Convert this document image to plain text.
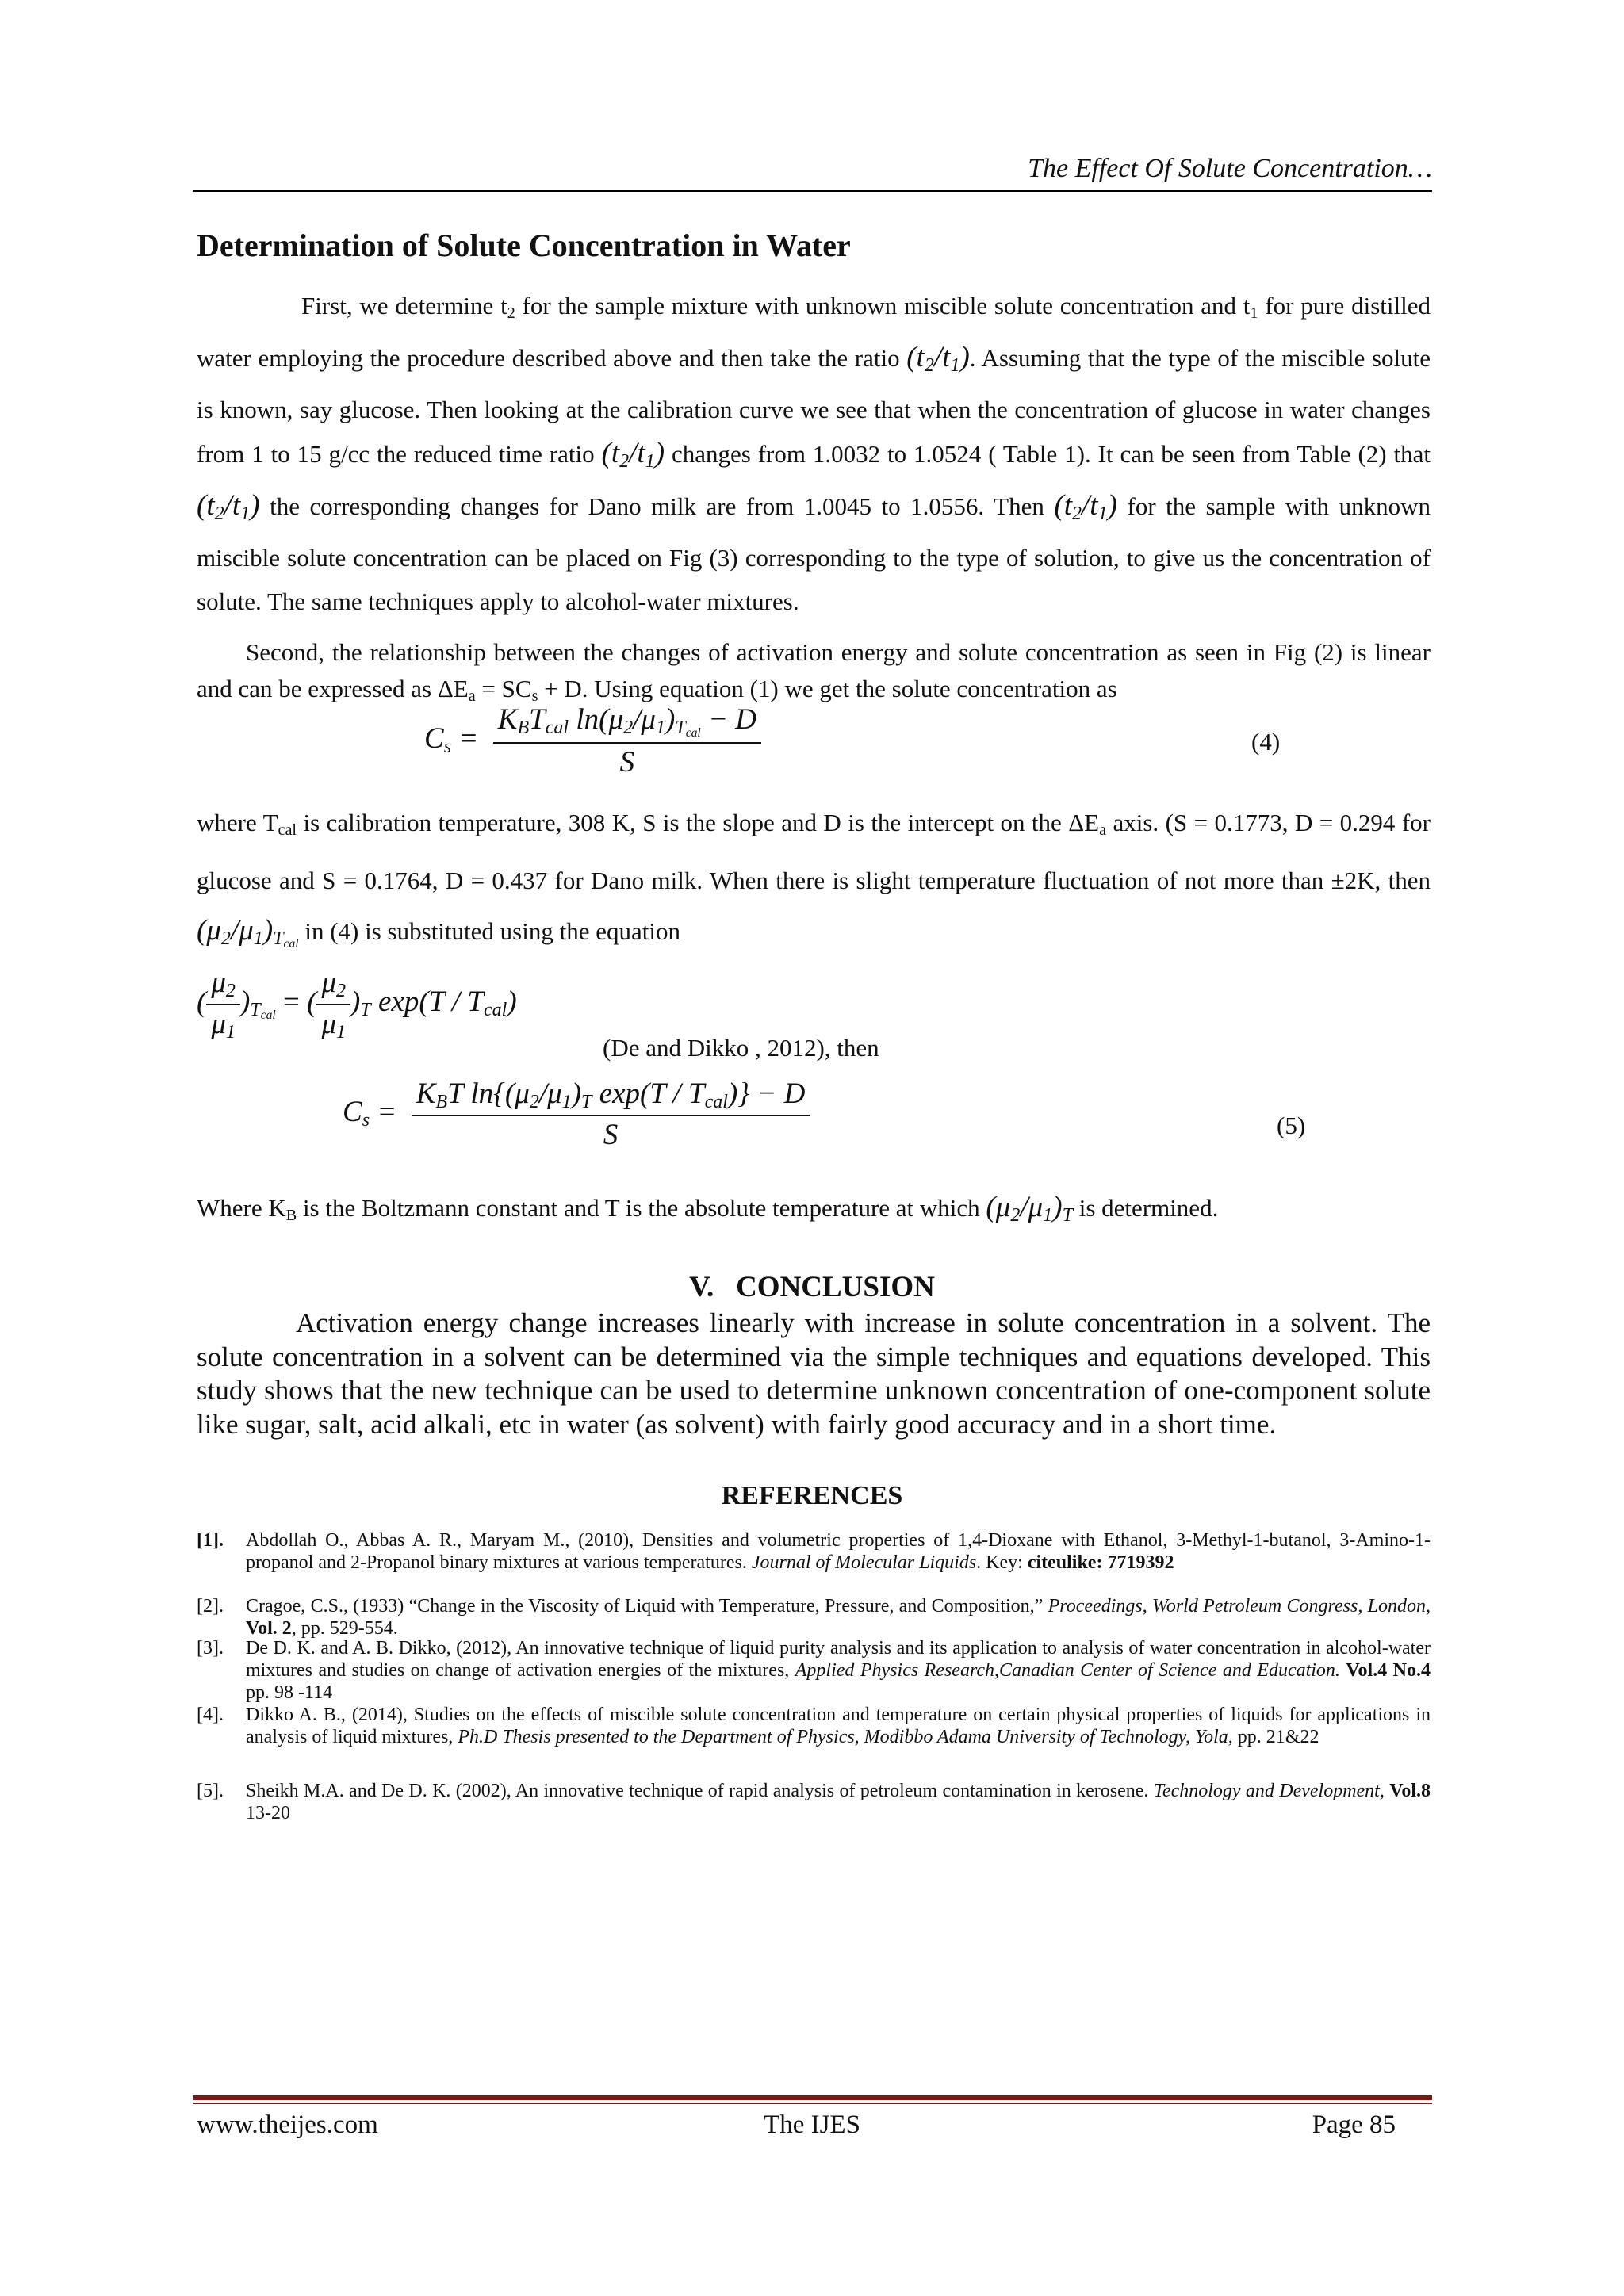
The Effect Of Solute Concentration…
Determination of Solute Concentration in Water

First, we determine $t_2$ for the sample mixture with unknown miscible solute concentration and $t_1$ for pure distilled water employing the procedure described above and then take the ratio $(t_2/t_1)$. Assuming that the type of the miscible solute is known, say glucose. Then looking at the calibration curve we see that when the concentration of glucose in water changes from 1 to 15 g/cc the reduced time ratio $(t_2/t_1)$ changes from 1.0032 to 1.0524 ( Table 1). It can be seen from Table (2) that $(t_2/t_1)$ the corresponding changes for Dano milk are from 1.0045 to 1.0556. Then $(t_2/t_1)$ for the sample with unknown miscible solute concentration can be placed on Fig (3) corresponding to the type of solution, to give us the concentration of solute. The same techniques apply to alcohol-water mixtures.

Second, the relationship between the changes of activation energy and solute concentration as seen in Fig (2) is linear and can be expressed as $\Delta E_a = SC_s + D$. Using equation (1) we get the solute concentration as

$C_s = \frac{K_BT_{cal} \ln(\mu_2/\mu_1)_{T_{cal}} - D}{S}$	(4)

where $T_{cal}$ is calibration temperature, 308 K, S is the slope and D is the intercept on the $\Delta E_a$ axis. (S = 0.1773, D = 0.294 for glucose and S = 0.1764, D = 0.437 for Dano milk. When there is slight temperature fluctuation of not more than ±2K, then $(\mu_2/\mu_1)_{T_{cal}}$ in (4) is substituted using the equation

( $\frac{\mu_2}{\mu_1} )_{T_{cal}}$ = ( $\frac{\mu_2}{\mu_1} )_T$ $\exp(T / T_{cal})$
(De and Dikko , 2012), then
$C_s = \frac{K_BT \ln\{(\mu_2/\mu_1)_T \exp(T / T_{cal})\} - D}{S}$	(5)

Where $K_B$ is the Boltzmann constant and T is the absolute temperature at which $(\mu_2/\mu_1)_T$ is determined.

V. CONCLUSION
Activation energy change increases linearly with increase in solute concentration in a solvent. The solute concentration in a solvent can be determined via the simple techniques and equations developed. This study shows that the new technique can be used to determine unknown concentration of one-component solute like sugar, salt, acid alkali, etc in water (as solvent) with fairly good accuracy and in a short time.
REFERENCES
[1].	Abdollah O., Abbas A. R., Maryam M., (2010), Densities and volumetric properties of 1,4-Dioxane with Ethanol, 3-Methyl-1-butanol, 3-Amino-1-propanol and 2-Propanol binary mixtures at various temperatures. Journal of Molecular Liquids. Key: citeulike: 7719392
[2].	Cragoe, C.S., (1933) “Change in the Viscosity of Liquid with Temperature, Pressure, and Composition,” Proceedings, World Petroleum Congress, London, Vol. 2, pp. 529-554.
[3].	De D. K. and A. B. Dikko, (2012), An innovative technique of liquid purity analysis and its application to analysis of water concentration in alcohol-water mixtures and studies on change of activation energies of the mixtures, Applied Physics Research,Canadian Center of Science and Education. Vol.4 No.4 pp. 98 -114
[4].	Dikko A. B., (2014), Studies on the effects of miscible solute concentration and temperature on certain physical properties of liquids for applications in analysis of liquid mixtures, Ph.D Thesis presented to the Department of Physics, Modibbo Adama University of Technology, Yola, pp. 21&22
[5].	Sheikh M.A. and De D. K. (2002), An innovative technique of rapid analysis of petroleum contamination in kerosene. Technology and Development, Vol.8 13-20
www.theijes.com	The IJES	Page 85
